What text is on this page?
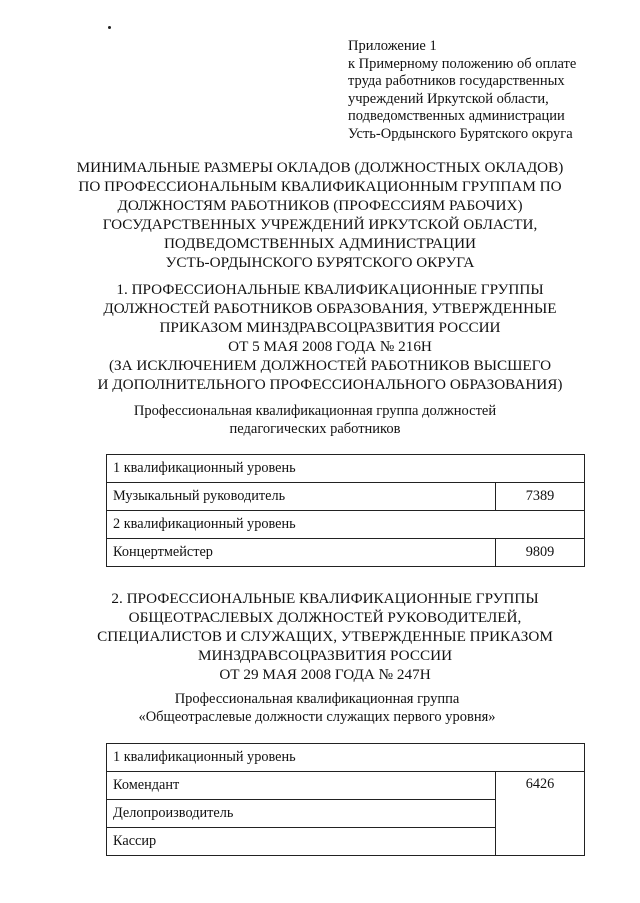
Приложение 1
к Примерному положению об оплате
труда работников государственных
учреждений Иркутской области,
подведомственных администрации
Усть-Ордынского Бурятского округа
МИНИМАЛЬНЫЕ РАЗМЕРЫ ОКЛАДОВ (ДОЛЖНОСТНЫХ ОКЛАДОВ)
ПО ПРОФЕССИОНАЛЬНЫМ КВАЛИФИКАЦИОННЫМ ГРУППАМ ПО
ДОЛЖНОСТЯМ РАБОТНИКОВ (ПРОФЕССИЯМ РАБОЧИХ)
ГОСУДАРСТВЕННЫХ УЧРЕЖДЕНИЙ ИРКУТСКОЙ ОБЛАСТИ,
ПОДВЕДОМСТВЕННЫХ АДМИНИСТРАЦИИ
УСТЬ-ОРДЫНСКОГО БУРЯТСКОГО ОКРУГА
1. ПРОФЕССИОНАЛЬНЫЕ КВАЛИФИКАЦИОННЫЕ ГРУППЫ
ДОЛЖНОСТЕЙ РАБОТНИКОВ ОБРАЗОВАНИЯ, УТВЕРЖДЕННЫЕ
ПРИКАЗОМ МИНЗДРАВСОЦРАЗВИТИЯ РОССИИ
ОТ 5 МАЯ 2008 ГОДА № 216Н
(ЗА ИСКЛЮЧЕНИЕМ ДОЛЖНОСТЕЙ РАБОТНИКОВ ВЫСШЕГО
И ДОПОЛНИТЕЛЬНОГО ПРОФЕССИОНАЛЬНОГО ОБРАЗОВАНИЯ)
Профессиональная квалификационная группа должностей
педагогических работников
1 квалификационный уровень	
Музыкальный руководитель	7389
2 квалификационный уровень	
Концертмейстер	9809
2. ПРОФЕССИОНАЛЬНЫЕ КВАЛИФИКАЦИОННЫЕ ГРУППЫ
ОБЩЕОТРАСЛЕВЫХ ДОЛЖНОСТЕЙ РУКОВОДИТЕЛЕЙ,
СПЕЦИАЛИСТОВ И СЛУЖАЩИХ, УТВЕРЖДЕННЫЕ ПРИКАЗОМ
МИНЗДРАВСОЦРАЗВИТИЯ РОССИИ
ОТ 29 МАЯ 2008 ГОДА № 247Н
Профессиональная квалификационная группа
«Общеотраслевые должности служащих первого уровня»
1 квалификационный уровень
Комендант	6426
Делопроизводитель
Кассир
